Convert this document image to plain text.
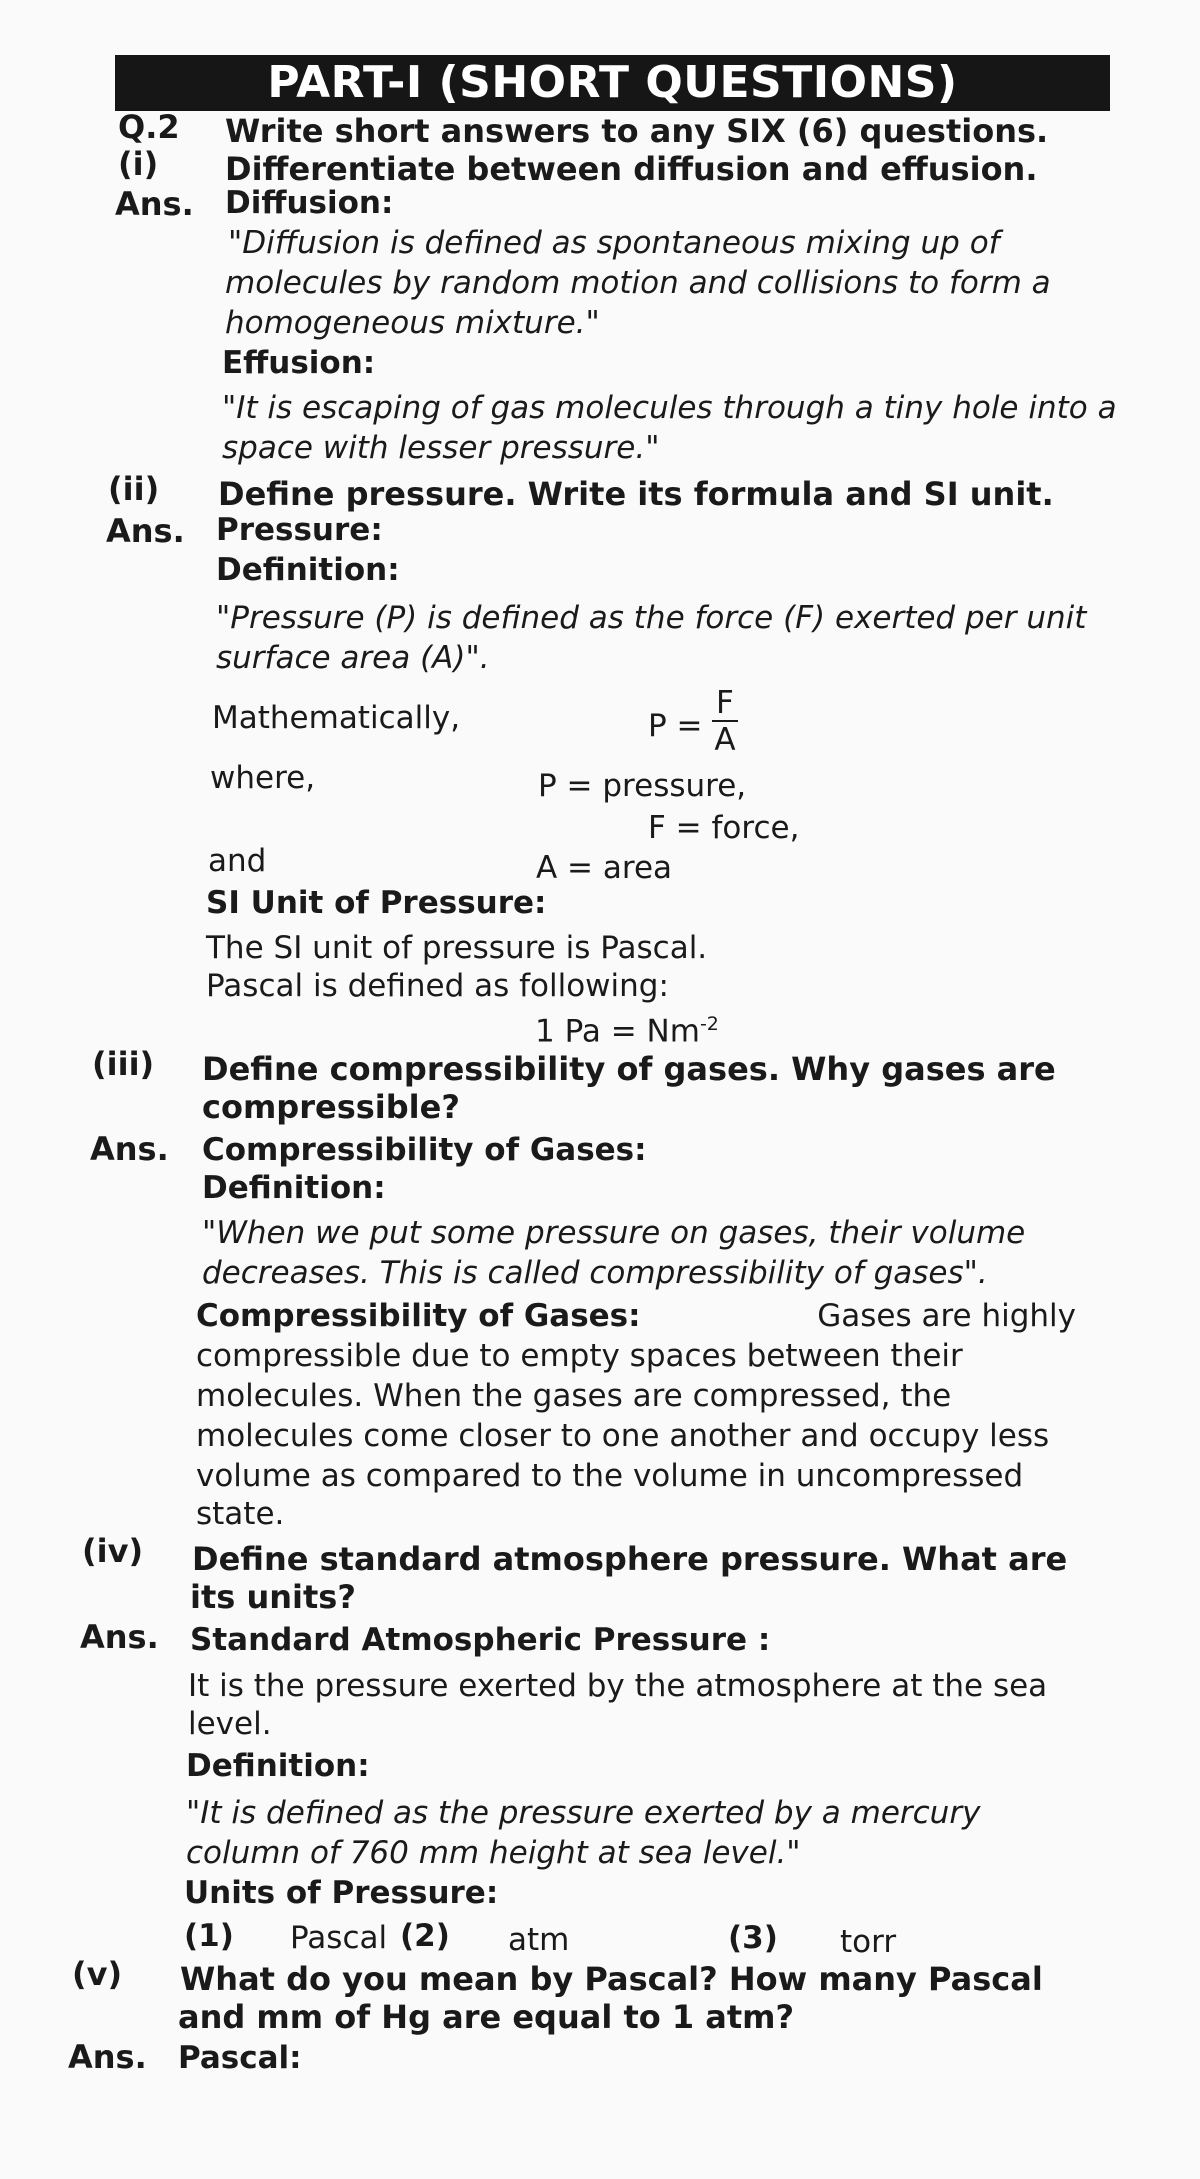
PART-I (SHORT QUESTIONS)
Q.2 Write short answers to any SIX (6) questions.
(i) Differentiate between diffusion and effusion.
Ans. Diffusion:
"Diffusion is defined as spontaneous mixing up of
molecules by random motion and collisions to form a
homogeneous mixture."
Effusion:
"It is escaping of gas molecules through a tiny hole into a
space with lesser pressure."
(ii) Define pressure. Write its formula and SI unit.
Ans. Pressure:
Definition:
"Pressure (P) is defined as the force (F) exerted per unit
surface area (A)".
Mathematically,	$P = \frac{F}{A}$
where,	P = pressure,
F = force,
and	A = area
SI Unit of Pressure:
The SI unit of pressure is Pascal.
Pascal is defined as following:
1 $Pa = Nm^{-2}$
(iii) Define compressibility of gases. Why gases are
compressible?
Ans. Compressibility of Gases:
Definition:
"When we put some pressure on gases, their volume
decreases. This is called compressibility of gases".
Compressibility of Gases:	Gases are highly
compressible due to empty spaces between their
molecules. When the gases are compressed, the
molecules come closer to one another and occupy less
volume as compared to the volume in uncompressed
state.
(iv) Define standard atmosphere pressure. What are
its units?
Ans. Standard Atmospheric Pressure :
It is the pressure exerted by the atmosphere at the sea
level.
Definition:
"It is defined as the pressure exerted by a mercury
column of 760 mm height at sea level."
Units of Pressure:
(1) Pascal (2) atm	(3) torr
(v) What do you mean by Pascal? How many Pascal
and mm of Hg are equal to 1 atm?
Ans. Pascal:
